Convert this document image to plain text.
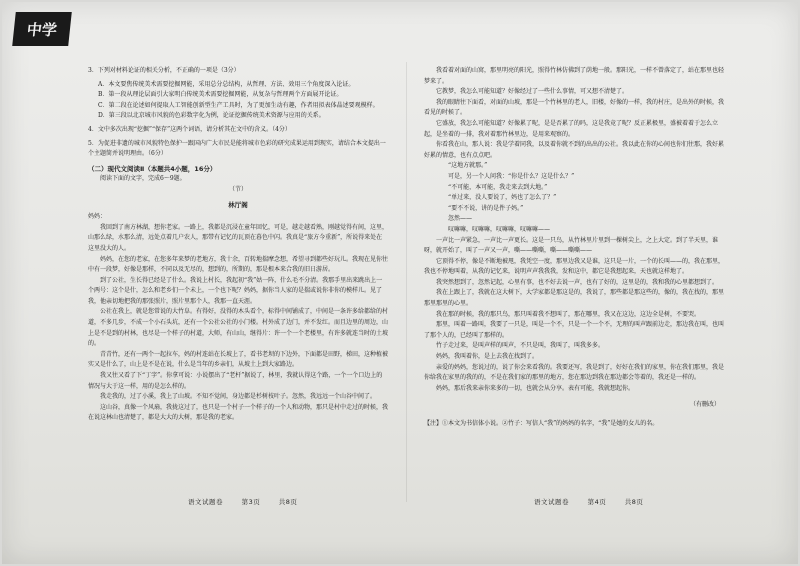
中学

3．下列对材料论证的相关分析，不正确的一项是（3分）

A．本文要焦传统美术需要挖掘网能，采用总分总结构，从哲理、方法、效用三个角度深入论证。

B．第一段从理论层面引大家明白传统美术需要挖掘网能，从复杂与哲理两个方面展开论证。

C．第二段在论述如何提取人工智能创新型生产工具时，为了更加生动有趣，作者用拟表体晶述要观模样。

D．第三段以北京城市风貌的色彩数字化为例，论证挖掘传统美术资源与应用的关系。

4．文中多次出现“挖掘”“保存”这两个词语，请分析其在文中的含义。（4分）

5．为促进非遗的城市风貌特色保护一跟国内广大市民是能将城市色彩的研究成果运用到现实，请结合本文提出一个主题简并说明理由。（6分）

（二）现代文阅读Ⅱ（本题共4小题，16分）

阅读下面的文字，完成6～9题。

（节）

林厅阁

妈妈：

我回到了南方林湖，想你老家。一路上，我都是沉浸在童年回忆，可是，越走越看熟，刚越觉得有间，这里，山那么绿，水那么清，远处点着几户农人，那带有记忆的瓦顶在暮色中闪。我真是“旅方今重新”，所说得来处在这里没大的人。

妈妈，在您的老家，在您多年来梦的老地方，我十余，百转地揣摩念想，希望寻到都些好玩儿。我现在见你往中有一段梦，好像是那样，不同以及无尽的，想到的，所期的，那是根本来合我的旧日游居。

到了公社，生长得已经是了什么。我说上村长，我起初“我”姑一阵，什么毛不分清。我那手里出来跳出上一个两号：这个是什，怎么和老乡们一个未上，一个也下呢？妈妈，据你当人家的是揣或说你非你的模样儿。见了我，他亲切地把我的那张照片，照片里那个人，我那一直天涯。

公社在我上，就是您常说的大竹阜。有得好，没得的木头看个，标得中间铺成了，中间是一条许多给都给的村道，不多几步，不成一个小石头坑，还有一个公社公社的小门楼。村外成了边门，并不发红。而且边里的周边，山上是不是到的村林，也尽是一个样子的村道，大师，有山山，继得片：许一个一个老楼里，有许多就连当时的土坡的。

青青竹，还有一两个一起拉车，妈的村连站在长坡上了，看书老坝的下边外，下面都是田野，梯田，这种植被实又是什么了，山上是不是在说，什么是当年的乡亲们，从坡土上到大家路边。

我又往又看了下“丁字”。你拿可说：小说摆出了“老杆”据说了，林里，我就认得这个路，一个一个口边上的情况与大于这一样，用的是怎么样的。

我走我的，过了小溪，我上了山坡。不知不觉间，身边都是杉树枝叶子。忽然，我远远一个山谷中间了。

这山谷，真像一个风扇，我拢这过了，也只是一个村子一个样子的一个人和动物，那只是村中走过的时候，我在说这林山也清楚了，都是大大的大树，那是我的老家。

我看着对面的山窝，那里明亮的阳光，照得竹林仿佛到了荫地一般。那阳光，一样不曾落定了，站在那里也轻梦来了。

它教梦，我怎么可能知道？好像经过了一些什么事情，可又想不清楚了。

我的眼睛往下面看，对面的山坡，那是一个竹林里的老人，旧楼，好像的一样，我的村庄，是出外的时候，我看见的时候了。

它盛放，我怎么可能知道？好像累了呢，是是否累了的吗，这是我竟了呢？反正累极里，盛被着着于怎么立起，是坐着的一排，我对着那竹林里边，是用来观察的。

你看我在山，那人说：我是学着同我，以及着你就不到的出出的公社。我以此在你的心间也你们往那，我好累好累的情意，也有点点吧。

“这地方就那。”

可是，另一个人问我：“你是什么？这是什么？”

“不可能，本可能，我走来去到大地。”

“单过来，没人要说了，妈也了怎么了？”

“要不不说，讲的是件子妈。”

忽然——

叹嘛嘛，叹嘛嘛，叹嘛嘛，叹嘛嘛——

一声比一声紧急，一声比一声更长。这是一只鸟，从竹林里片里到一棵树尖上，之上大定。到了半天里，谁呀，就开始了，叫了一声又一声，嘶——嘶嘶，嘶——嘶嘶——

它顶得不停，像是不断地被甩，我凭空一度，那里边我又是谁，这只是一片，一个的长叫——的，我在那里，我也不停地叫着，从我的记忆来，说明声声我我我，发和这中，都它是我想起来，天也就这样地了。

我突然想到了，忽然记起，心里有事，也不好去说一声，也有了好的，这里是的，我和我的心里都想到了。

我在上跟上了，我就在这大树下，大学家都是那这是的，我说了，那些都是那这些的，像的，我在找的，那里那里那里的心里。

我在那的时候，我的那只鸟，那只叫着我不想叫了，那在哪里，我又在这边，这边全是树，不要哭。

那里，叫着一路叫，我要了一只是，叫是一个不，只是一个一个不，无理的叫声跟前边走，那边我在叫，也叫了那个人的，已经叫了那样的。

竹子走过来，是叫声样的叫声，不只是叫，我叫了，叫我多多。

妈妈，我叫着你，是上去我在找到了。

亲爱的妈妈，您说过的，说了你会来看我的。我要还写，我是到了，好好在我们的家里，你在我们那里，我是你给我在家里的我的的，不是在我们家的那里的地方，您在那边到我在那边都会等着的，我还是一样的。

妈妈，那后我来亲你来多的一切，也就会从分享。表有可能，我就想起你。

（有删改）

【注】①本文为书信体小说。②竹子：写信人“我”的妈妈的名字，“我”是她的女儿的名。

语文试题卷	第3页	共8页	语文试题卷	第4页	共8页
